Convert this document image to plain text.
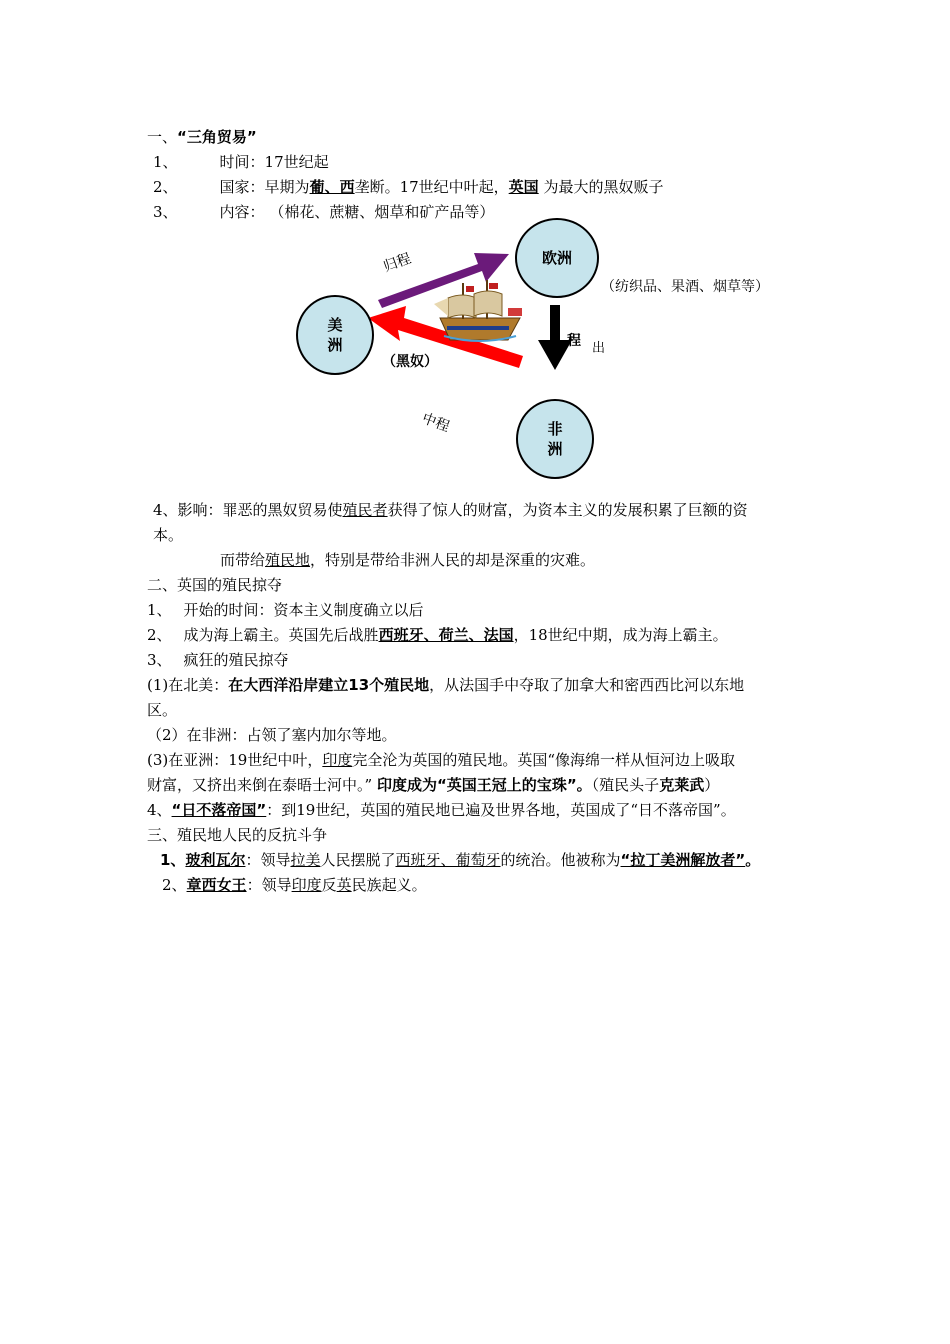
一、“三角贸易”
1、	时间：17世纪起
2、	国家：早期为葡、西垄断。17世纪中叶起，英国 为最大的黑奴贩子
3、	内容： （棉花、蔗糖、烟草和矿产品等）
欧洲
美
洲
非
洲
归程
中程
程 出
（黑奴）
（纺织品、果酒、烟草等）
4、影响：罪恶的黑奴贸易使殖民者获得了惊人的财富，为资本主义的发展积累了巨额的资
本。
而带给殖民地，特别是带给非洲人民的却是深重的灾难。
二、英国的殖民掠夺
1、 开始的时间：资本主义制度确立以后
2、 成为海上霸主。英国先后战胜西班牙、荷兰、法国，18世纪中期，成为海上霸主。
3、 疯狂的殖民掠夺
(1)在北美：在大西洋沿岸建立13个殖民地，从法国手中夺取了加拿大和密西西比河以东地
区。
（2）在非洲：占领了塞内加尔等地。
(3)在亚洲：19世纪中叶，印度完全沦为英国的殖民地。英国“像海绵一样从恒河边上吸取
财富，又挤出来倒在泰晤士河中。” 印度成为“英国王冠上的宝珠”。（殖民头子克莱武）
4、“日不落帝国”：到19世纪，英国的殖民地已遍及世界各地，英国成了“日不落帝国”。
三、殖民地人民的反抗斗争
1、玻利瓦尔：领导拉美人民摆脱了西班牙、葡萄牙的统治。他被称为“拉丁美洲解放者”。
2、章西女王：领导印度反英民族起义。
